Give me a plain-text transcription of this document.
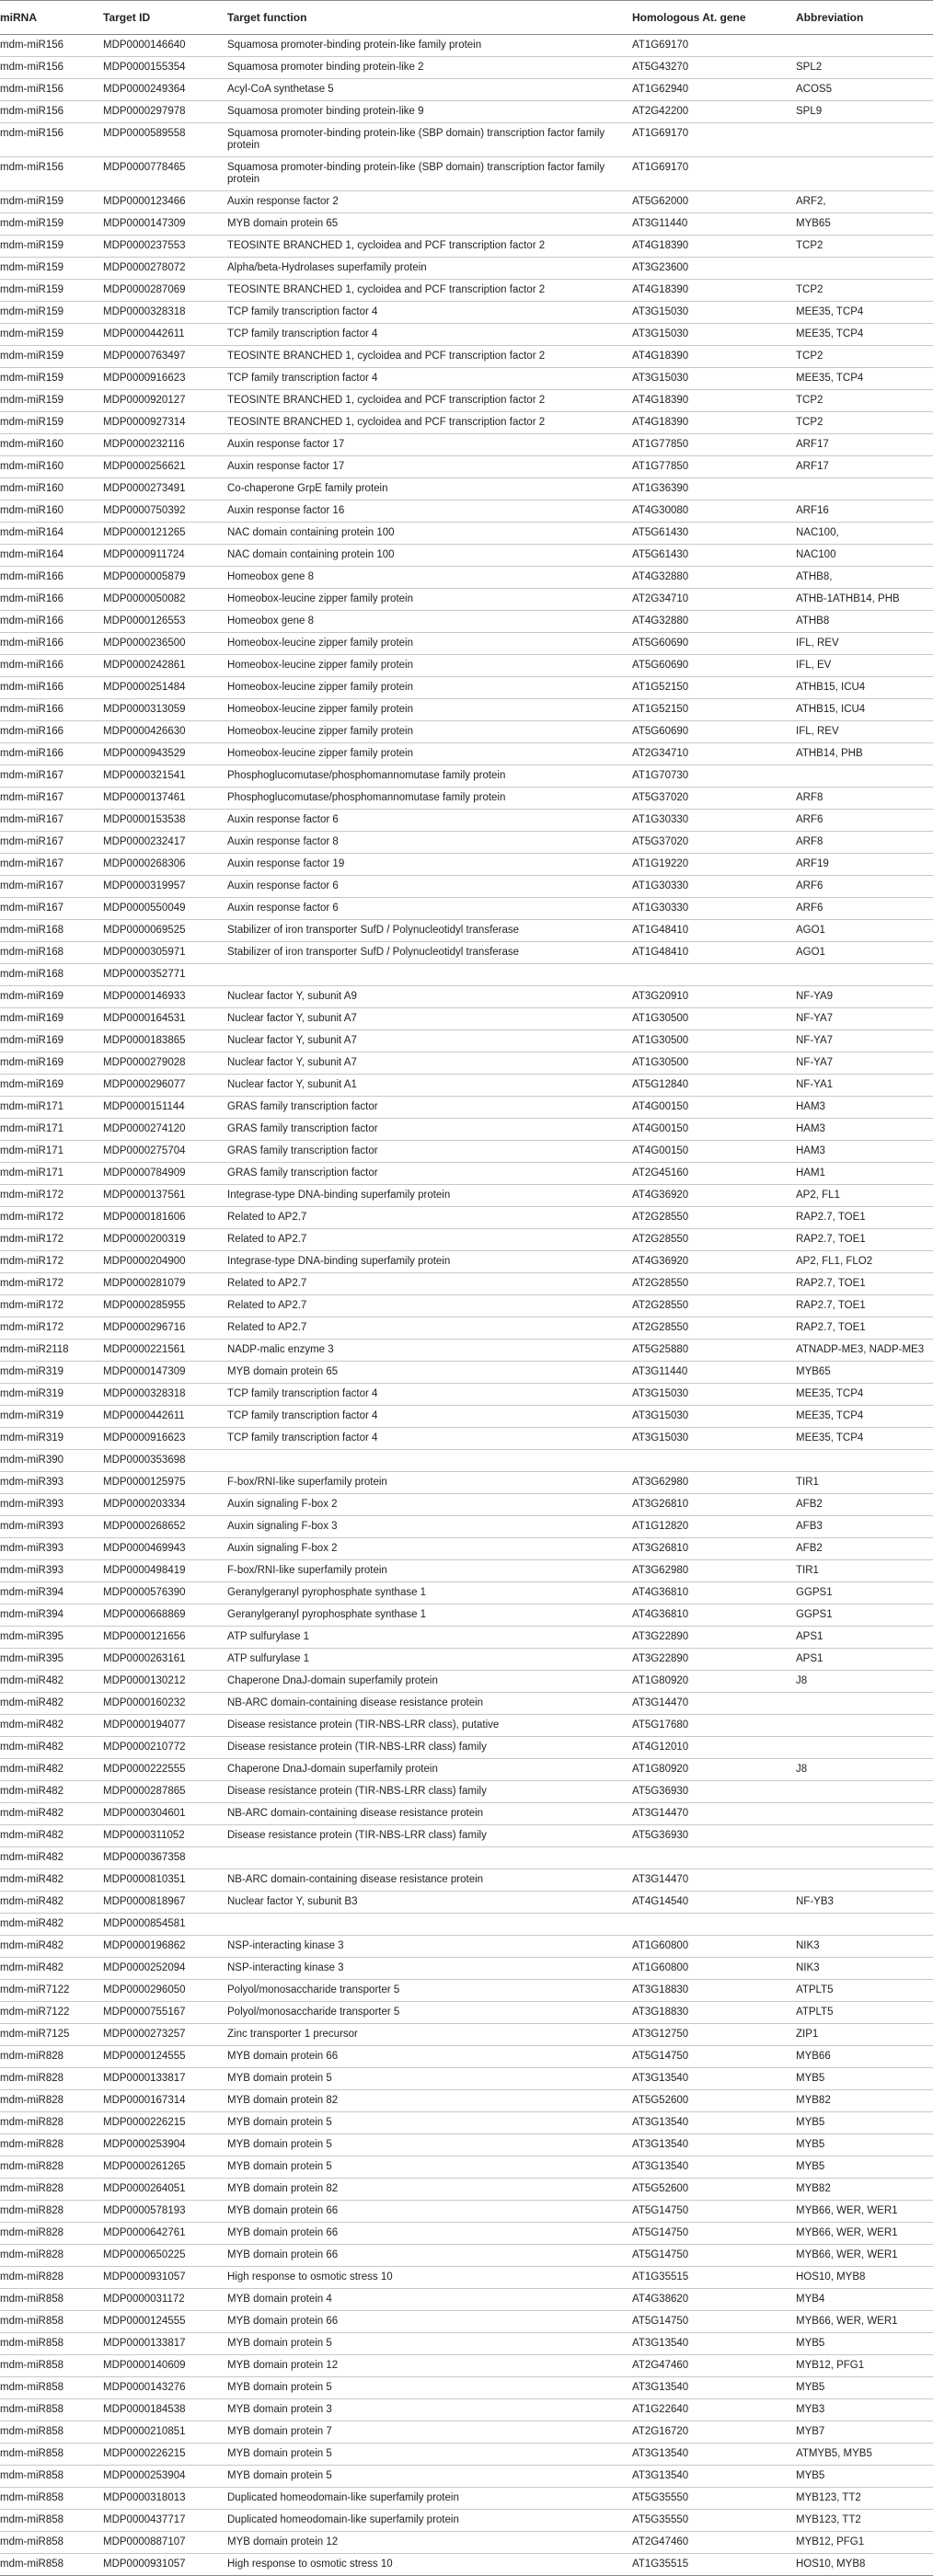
miRNA	Target ID	Target function	Homologous At. gene	Abbreviation
mdm-miR156	MDP0000146640	Squamosa promoter-binding protein-like family protein	AT1G69170	
mdm-miR156	MDP0000155354	Squamosa promoter binding protein-like 2	AT5G43270	SPL2
mdm-miR156	MDP0000249364	Acyl-CoA synthetase 5	AT1G62940	ACOS5
mdm-miR156	MDP0000297978	Squamosa promoter binding protein-like 9	AT2G42200	SPL9
mdm-miR156	MDP0000589558	Squamosa promoter-binding protein-like (SBP domain) transcription factor family protein	AT1G69170	
mdm-miR156	MDP0000778465	Squamosa promoter-binding protein-like (SBP domain) transcription factor family protein	AT1G69170	
mdm-miR159	MDP0000123466	Auxin response factor 2	AT5G62000	ARF2,
mdm-miR159	MDP0000147309	MYB domain protein 65	AT3G11440	MYB65
mdm-miR159	MDP0000237553	TEOSINTE BRANCHED 1, cycloidea and PCF transcription factor 2	AT4G18390	TCP2
mdm-miR159	MDP0000278072	Alpha/beta-Hydrolases superfamily protein	AT3G23600	
mdm-miR159	MDP0000287069	TEOSINTE BRANCHED 1, cycloidea and PCF transcription factor 2	AT4G18390	TCP2
mdm-miR159	MDP0000328318	TCP family transcription factor 4	AT3G15030	MEE35, TCP4
mdm-miR159	MDP0000442611	TCP family transcription factor 4	AT3G15030	MEE35, TCP4
mdm-miR159	MDP0000763497	TEOSINTE BRANCHED 1, cycloidea and PCF transcription factor 2	AT4G18390	TCP2
mdm-miR159	MDP0000916623	TCP family transcription factor 4	AT3G15030	MEE35, TCP4
mdm-miR159	MDP0000920127	TEOSINTE BRANCHED 1, cycloidea and PCF transcription factor 2	AT4G18390	TCP2
mdm-miR159	MDP0000927314	TEOSINTE BRANCHED 1, cycloidea and PCF transcription factor 2	AT4G18390	TCP2
mdm-miR160	MDP0000232116	Auxin response factor 17	AT1G77850	ARF17
mdm-miR160	MDP0000256621	Auxin response factor 17	AT1G77850	ARF17
mdm-miR160	MDP0000273491	Co-chaperone GrpE family protein	AT1G36390	
mdm-miR160	MDP0000750392	Auxin response factor 16	AT4G30080	ARF16
mdm-miR164	MDP0000121265	NAC domain containing protein 100	AT5G61430	NAC100,
mdm-miR164	MDP0000911724	NAC domain containing protein 100	AT5G61430	NAC100
mdm-miR166	MDP0000005879	Homeobox gene 8	AT4G32880	ATHB8,
mdm-miR166	MDP0000050082	Homeobox-leucine zipper family protein	AT2G34710	ATHB-1ATHB14, PHB
mdm-miR166	MDP0000126553	Homeobox gene 8	AT4G32880	ATHB8
mdm-miR166	MDP0000236500	Homeobox-leucine zipper family protein	AT5G60690	IFL, REV
mdm-miR166	MDP0000242861	Homeobox-leucine zipper family protein	AT5G60690	IFL, EV
mdm-miR166	MDP0000251484	Homeobox-leucine zipper family protein	AT1G52150	ATHB15, ICU4
mdm-miR166	MDP0000313059	Homeobox-leucine zipper family protein	AT1G52150	ATHB15, ICU4
mdm-miR166	MDP0000426630	Homeobox-leucine zipper family protein	AT5G60690	IFL, REV
mdm-miR166	MDP0000943529	Homeobox-leucine zipper family protein	AT2G34710	ATHB14, PHB
mdm-miR167	MDP0000321541	Phosphoglucomutase/phosphomannomutase family protein	AT1G70730	
mdm-miR167	MDP0000137461	Phosphoglucomutase/phosphomannomutase family protein	AT5G37020	ARF8
mdm-miR167	MDP0000153538	Auxin response factor 6	AT1G30330	ARF6
mdm-miR167	MDP0000232417	Auxin response factor 8	AT5G37020	ARF8
mdm-miR167	MDP0000268306	Auxin response factor 19	AT1G19220	ARF19
mdm-miR167	MDP0000319957	Auxin response factor 6	AT1G30330	ARF6
mdm-miR167	MDP0000550049	Auxin response factor 6	AT1G30330	ARF6
mdm-miR168	MDP0000069525	Stabilizer of iron transporter SufD / Polynucleotidyl transferase	AT1G48410	AGO1
mdm-miR168	MDP0000305971	Stabilizer of iron transporter SufD / Polynucleotidyl transferase	AT1G48410	AGO1
mdm-miR168	MDP0000352771			
mdm-miR169	MDP0000146933	Nuclear factor Y, subunit A9	AT3G20910	NF-YA9
mdm-miR169	MDP0000164531	Nuclear factor Y, subunit A7	AT1G30500	NF-YA7
mdm-miR169	MDP0000183865	Nuclear factor Y, subunit A7	AT1G30500	NF-YA7
mdm-miR169	MDP0000279028	Nuclear factor Y, subunit A7	AT1G30500	NF-YA7
mdm-miR169	MDP0000296077	Nuclear factor Y, subunit A1	AT5G12840	NF-YA1
mdm-miR171	MDP0000151144	GRAS family transcription factor	AT4G00150	HAM3
mdm-miR171	MDP0000274120	GRAS family transcription factor	AT4G00150	HAM3
mdm-miR171	MDP0000275704	GRAS family transcription factor	AT4G00150	HAM3
mdm-miR171	MDP0000784909	GRAS family transcription factor	AT2G45160	HAM1
mdm-miR172	MDP0000137561	Integrase-type DNA-binding superfamily protein	AT4G36920	AP2, FL1
mdm-miR172	MDP0000181606	Related to AP2.7	AT2G28550	RAP2.7, TOE1
mdm-miR172	MDP0000200319	Related to AP2.7	AT2G28550	RAP2.7, TOE1
mdm-miR172	MDP0000204900	Integrase-type DNA-binding superfamily protein	AT4G36920	AP2, FL1, FLO2
mdm-miR172	MDP0000281079	Related to AP2.7	AT2G28550	RAP2.7, TOE1
mdm-miR172	MDP0000285955	Related to AP2.7	AT2G28550	RAP2.7, TOE1
mdm-miR172	MDP0000296716	Related to AP2.7	AT2G28550	RAP2.7, TOE1
mdm-miR2118	MDP0000221561	NADP-malic enzyme 3	AT5G25880	ATNADP-ME3, NADP-ME3
mdm-miR319	MDP0000147309	MYB domain protein 65	AT3G11440	MYB65
mdm-miR319	MDP0000328318	TCP family transcription factor 4	AT3G15030	MEE35, TCP4
mdm-miR319	MDP0000442611	TCP family transcription factor 4	AT3G15030	MEE35, TCP4
mdm-miR319	MDP0000916623	TCP family transcription factor 4	AT3G15030	MEE35, TCP4
mdm-miR390	MDP0000353698			
mdm-miR393	MDP0000125975	F-box/RNI-like superfamily protein	AT3G62980	TIR1
mdm-miR393	MDP0000203334	Auxin signaling F-box 2	AT3G26810	AFB2
mdm-miR393	MDP0000268652	Auxin signaling F-box 3	AT1G12820	AFB3
mdm-miR393	MDP0000469943	Auxin signaling F-box 2	AT3G26810	AFB2
mdm-miR393	MDP0000498419	F-box/RNI-like superfamily protein	AT3G62980	TIR1
mdm-miR394	MDP0000576390	Geranylgeranyl pyrophosphate synthase 1	AT4G36810	GGPS1
mdm-miR394	MDP0000668869	Geranylgeranyl pyrophosphate synthase 1	AT4G36810	GGPS1
mdm-miR395	MDP0000121656	ATP sulfurylase 1	AT3G22890	APS1
mdm-miR395	MDP0000263161	ATP sulfurylase 1	AT3G22890	APS1
mdm-miR482	MDP0000130212	Chaperone DnaJ-domain superfamily protein	AT1G80920	J8
mdm-miR482	MDP0000160232	NB-ARC domain-containing disease resistance protein	AT3G14470	
mdm-miR482	MDP0000194077	Disease resistance protein (TIR-NBS-LRR class), putative	AT5G17680	
mdm-miR482	MDP0000210772	Disease resistance protein (TIR-NBS-LRR class) family	AT4G12010	
mdm-miR482	MDP0000222555	Chaperone DnaJ-domain superfamily protein	AT1G80920	J8
mdm-miR482	MDP0000287865	Disease resistance protein (TIR-NBS-LRR class) family	AT5G36930	
mdm-miR482	MDP0000304601	NB-ARC domain-containing disease resistance protein	AT3G14470	
mdm-miR482	MDP0000311052	Disease resistance protein (TIR-NBS-LRR class) family	AT5G36930	
mdm-miR482	MDP0000367358			
mdm-miR482	MDP0000810351	NB-ARC domain-containing disease resistance protein	AT3G14470	
mdm-miR482	MDP0000818967	Nuclear factor Y, subunit B3	AT4G14540	NF-YB3
mdm-miR482	MDP0000854581			
mdm-miR482	MDP0000196862	NSP-interacting kinase 3	AT1G60800	NIK3
mdm-miR482	MDP0000252094	NSP-interacting kinase 3	AT1G60800	NIK3
mdm-miR7122	MDP0000296050	Polyol/monosaccharide transporter 5	AT3G18830	ATPLT5
mdm-miR7122	MDP0000755167	Polyol/monosaccharide transporter 5	AT3G18830	ATPLT5
mdm-miR7125	MDP0000273257	Zinc transporter 1 precursor	AT3G12750	ZIP1
mdm-miR828	MDP0000124555	MYB domain protein 66	AT5G14750	MYB66
mdm-miR828	MDP0000133817	MYB domain protein 5	AT3G13540	MYB5
mdm-miR828	MDP0000167314	MYB domain protein 82	AT5G52600	MYB82
mdm-miR828	MDP0000226215	MYB domain protein 5	AT3G13540	MYB5
mdm-miR828	MDP0000253904	MYB domain protein 5	AT3G13540	MYB5
mdm-miR828	MDP0000261265	MYB domain protein 5	AT3G13540	MYB5
mdm-miR828	MDP0000264051	MYB domain protein 82	AT5G52600	MYB82
mdm-miR828	MDP0000578193	MYB domain protein 66	AT5G14750	MYB66, WER, WER1
mdm-miR828	MDP0000642761	MYB domain protein 66	AT5G14750	MYB66, WER, WER1
mdm-miR828	MDP0000650225	MYB domain protein 66	AT5G14750	MYB66, WER, WER1
mdm-miR828	MDP0000931057	High response to osmotic stress 10	AT1G35515	HOS10, MYB8
mdm-miR858	MDP0000031172	MYB domain protein 4	AT4G38620	MYB4
mdm-miR858	MDP0000124555	MYB domain protein 66	AT5G14750	MYB66, WER, WER1
mdm-miR858	MDP0000133817	MYB domain protein 5	AT3G13540	MYB5
mdm-miR858	MDP0000140609	MYB domain protein 12	AT2G47460	MYB12, PFG1
mdm-miR858	MDP0000143276	MYB domain protein 5	AT3G13540	MYB5
mdm-miR858	MDP0000184538	MYB domain protein 3	AT1G22640	MYB3
mdm-miR858	MDP0000210851	MYB domain protein 7	AT2G16720	MYB7
mdm-miR858	MDP0000226215	MYB domain protein 5	AT3G13540	ATMYB5, MYB5
mdm-miR858	MDP0000253904	MYB domain protein 5	AT3G13540	MYB5
mdm-miR858	MDP0000318013	Duplicated homeodomain-like superfamily protein	AT5G35550	MYB123, TT2
mdm-miR858	MDP0000437717	Duplicated homeodomain-like superfamily protein	AT5G35550	MYB123, TT2
mdm-miR858	MDP0000887107	MYB domain protein 12	AT2G47460	MYB12, PFG1
mdm-miR858	MDP0000931057	High response to osmotic stress 10	AT1G35515	HOS10, MYB8
